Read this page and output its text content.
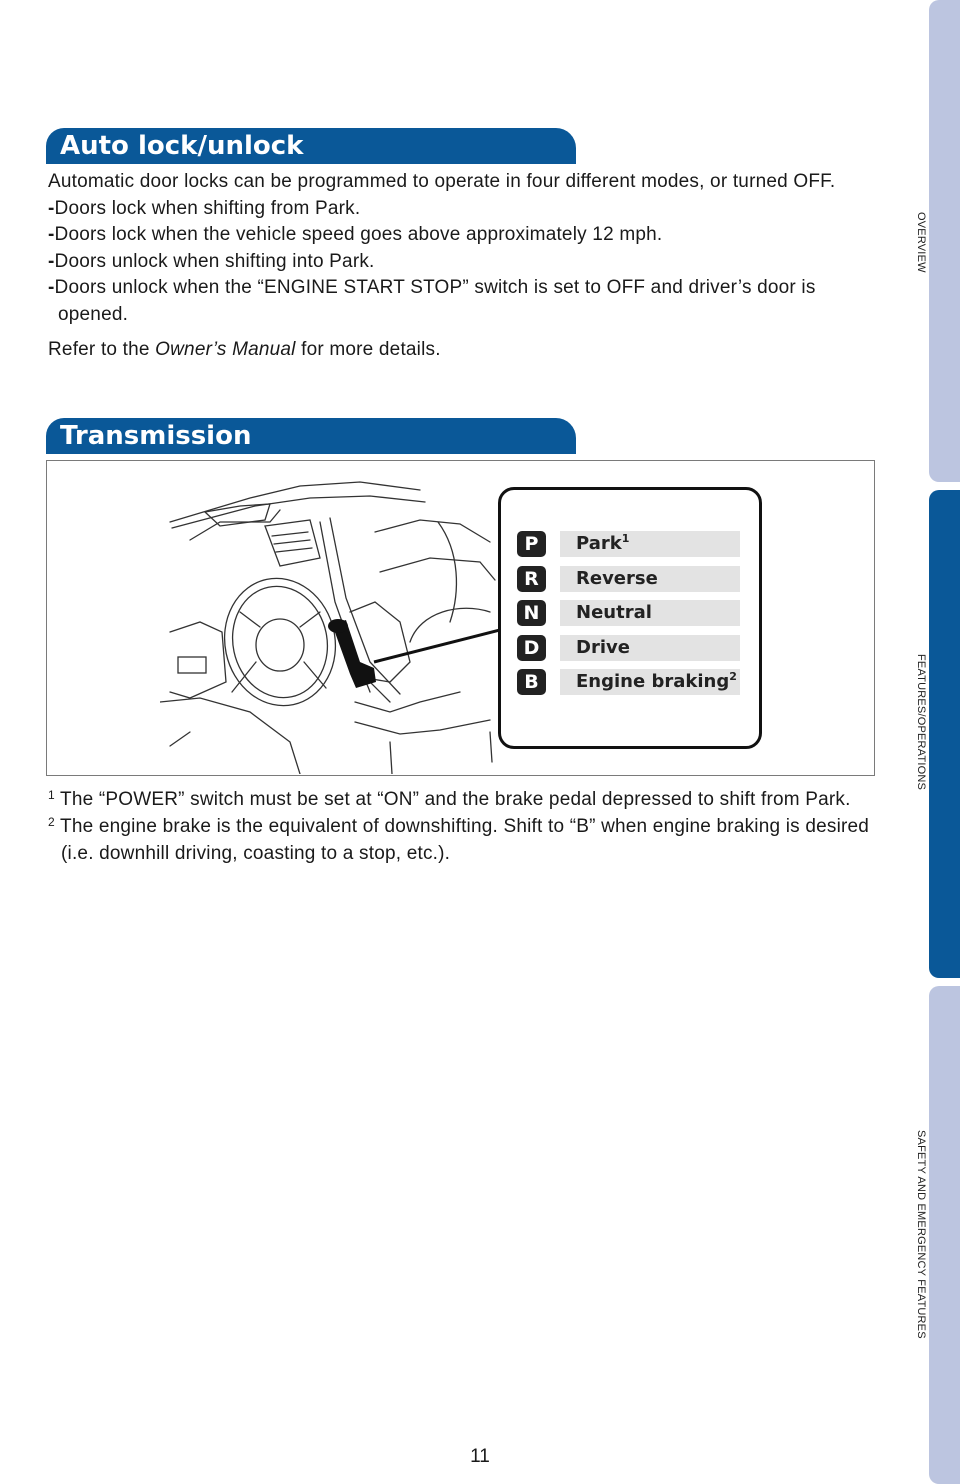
Auto lock/unlock

Automatic door locks can be programmed to operate in four different modes, or turned OFF.

-Doors lock when shifting from Park.

-Doors lock when the vehicle speed goes above approximately 12 mph.

-Doors unlock when shifting into Park.

-Doors unlock when the “ENGINE START STOP” switch is set to OFF and driver’s door is opened.

Refer to the Owner’s Manual for more details.

Transmission
P	Park$^1$
R	Reverse
N	Neutral
D	Drive
B	Engine braking$^2$

$^1$ The “POWER” switch must be set at “ON” and the brake pedal depressed to shift from Park.

$^2$ The engine brake is the equivalent of downshifting. Shift to “B” when engine braking is desired (i.e. downhill driving, coasting to a stop, etc.).

OVERVIEW
FEATURES/OPERATIONS
SAFETY AND EMERGENCY FEATURES
11
